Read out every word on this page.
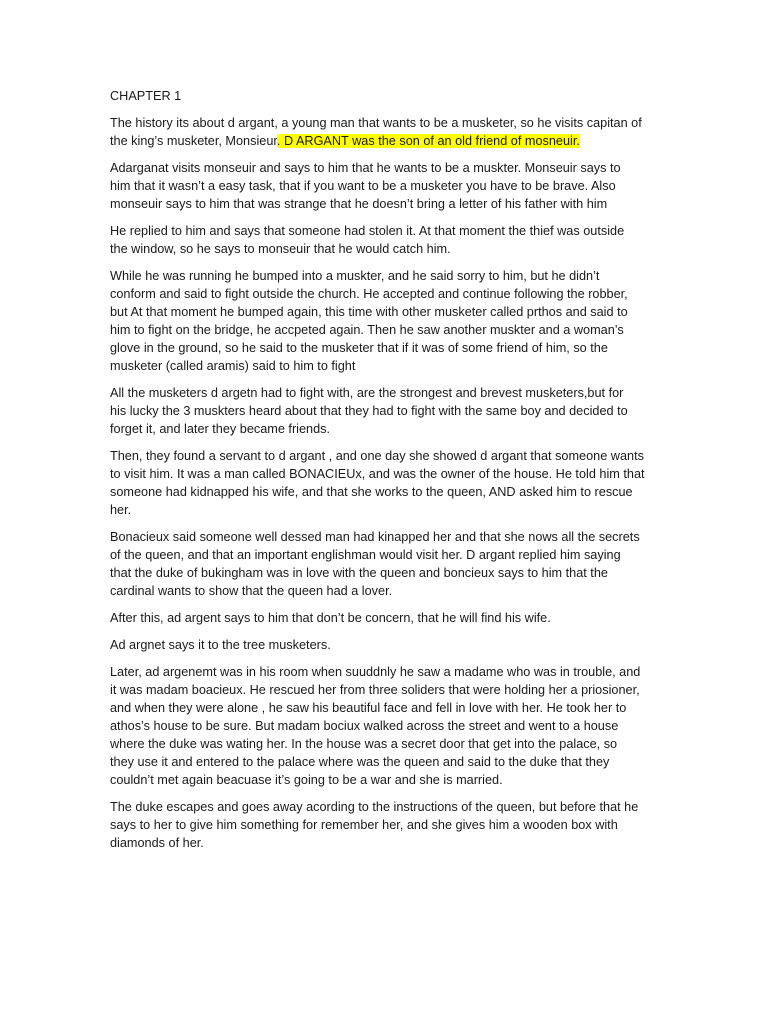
CHAPTER 1
The history its about d argant, a young man that wants to be a musketer, so he visits capitan of
the king’s musketer, Monsieur. D ARGANT was the son of an old friend of mosneuir.
Adarganat visits monseuir and says to him that he wants to be a muskter. Monseuir says to
him that it wasn’t a easy task, that if you want to be a musketer you have to be brave. Also
monseuir says to him that was strange that he doesn’t bring a letter of his father with him
He replied to him and says that someone had stolen it. At that moment the thief was outside
the window, so he says to monseuir that he would catch him.
While he was running he bumped into a muskter, and he said sorry to him, but he didn’t
conform and said to fight outside the church. He accepted and continue following the robber,
but At that moment he bumped again, this time with other musketer called prthos and said to
him to fight on the bridge, he accpeted again. Then he saw another muskter and a woman’s
glove in the ground, so he said to the musketer that if it was of some friend of him, so the
musketer (called aramis) said to him to fight
All the musketers d argetn had to fight with, are the strongest and brevest musketers,but for
his lucky the 3 muskters heard about that they had to fight with the same boy and decided to
forget it, and later they became friends.
Then, they found a servant to d argant , and one day she showed d argant that someone wants
to visit him. It was a man called BONACIEUx, and was the owner of the house. He told him that
someone had kidnapped his wife, and that she works to the queen, AND asked him to rescue
her.
Bonacieux said someone well dessed man had kinapped her and that she nows all the secrets
of the queen, and that an important englishman would visit her. D argant replied him saying
that the duke of bukingham was in love with the queen and boncieux says to him that the
cardinal wants to show that the queen had a lover.
After this, ad argent says to him that don’t be concern, that he will find his wife.
Ad argnet says it to the tree musketers.
Later, ad argenemt was in his room when suuddnly he saw a madame who was in trouble, and
it was madam boacieux. He rescued her from three soliders that were holding her a priosioner,
and when they were alone , he saw his beautiful face and fell in love with her. He took her to
athos’s house to be sure. But madam bociux walked across the street and went to a house
where the duke was wating her. In the house was a secret door that get into the palace, so
they use it and entered to the palace where was the queen and said to the duke that they
couldn’t met again beacuase it’s going to be a war and she is married.
The duke escapes and goes away acording to the instructions of the queen, but before that he
says to her to give him something for remember her, and she gives him a wooden box with
diamonds of her.
